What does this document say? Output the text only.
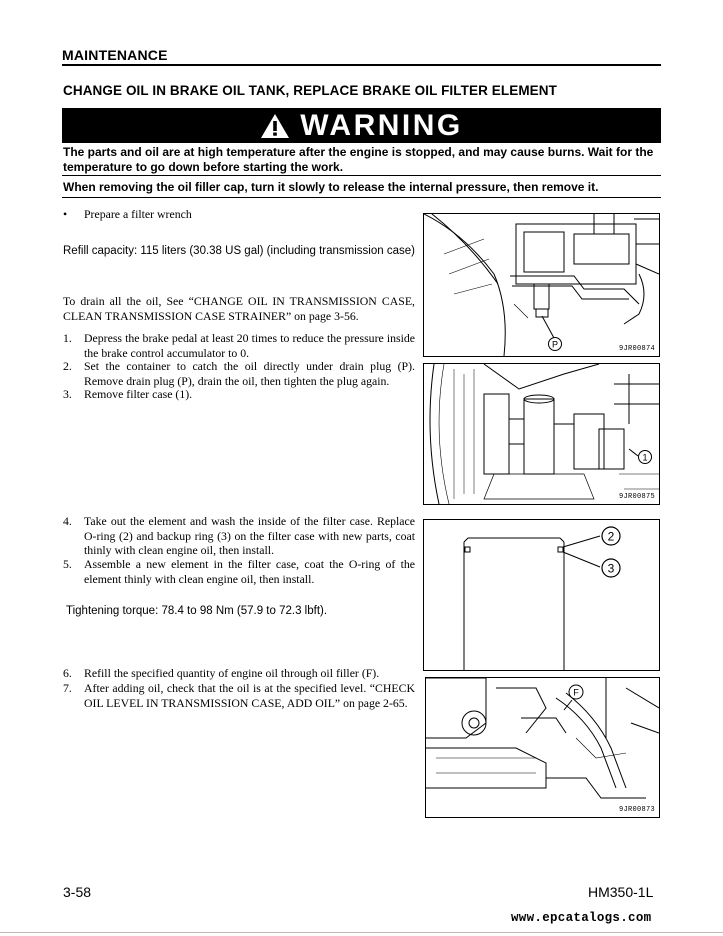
MAINTENANCE
CHANGE OIL IN BRAKE OIL TANK, REPLACE BRAKE OIL FILTER ELEMENT
WARNING
The parts and oil are at high temperature after the engine is stopped, and may cause burns. Wait for the temperature to go down before starting the work.
When removing the oil filler cap, turn it slowly to release the internal pressure, then remove it.
• Prepare a filter wrench
Refill capacity: 115 liters (30.38 US gal) (including transmission case)
To drain all the oil, See “CHANGE OIL IN TRANSMISSION CASE, CLEAN TRANSMISSION CASE STRAINER” on page 3-56.
1. Depress the brake pedal at least 20 times to reduce the pressure inside the brake control accumulator to 0.
2. Set the container to catch the oil directly under drain plug (P). Remove drain plug (P), drain the oil, then tighten the plug again.
3. Remove filter case (1).
4. Take out the element and wash the inside of the filter case. Replace O-ring (2) and backup ring (3) on the filter case with new parts, coat thinly with clean engine oil, then install.
5. Assemble a new element in the filter case, coat the O-ring of the element thinly with clean engine oil, then install.
Tightening torque: 78.4 to 98 Nm (57.9 to 72.3 lbft).
6. Refill the specified quantity of engine oil through oil filler (F).
7. After adding oil, check that the oil is at the specified level. “CHECK OIL LEVEL IN TRANSMISSION CASE, ADD OIL” on page 2-65.
P	9JR00874
1
9JR00875
2
3
F
9JR00873
3-58	HM350-1L
www.epcatalogs.com
